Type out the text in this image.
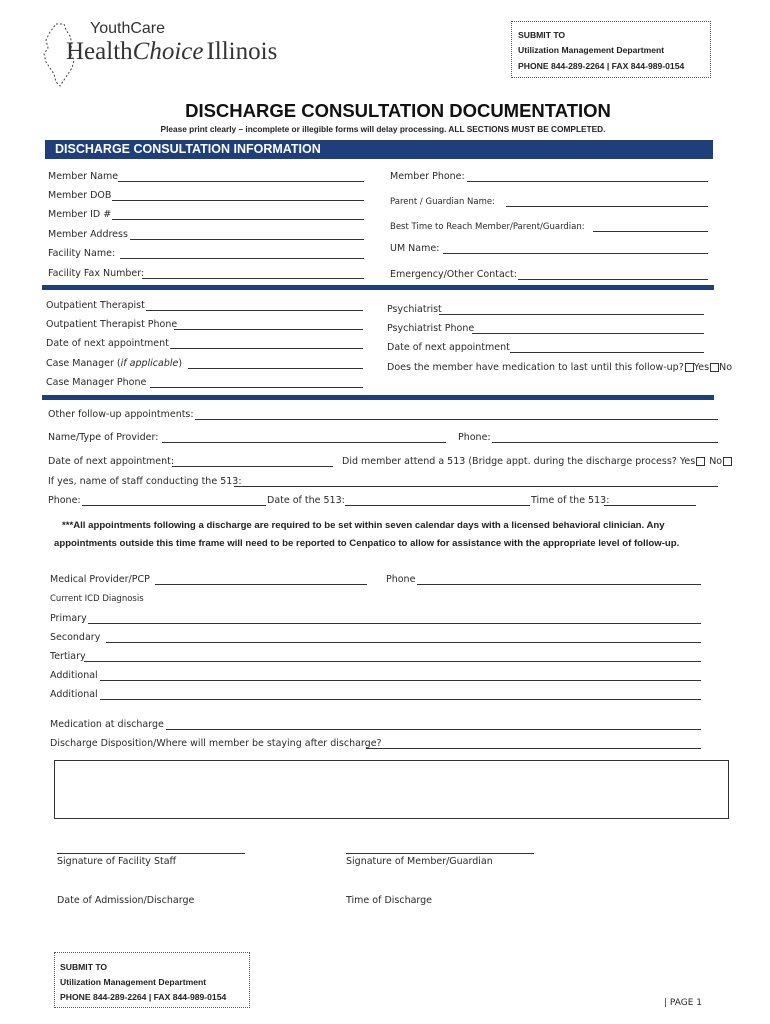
YouthCare
HealthChoice Illinois
SUBMIT TO
Utilization Management Department
PHONE 844-289-2264 | FAX 844-989-0154
DISCHARGE CONSULTATION DOCUMENTATION
Please print clearly – incomplete or illegible forms will delay processing. ALL SECTIONS MUST BE COMPLETED.
DISCHARGE CONSULTATION INFORMATION
Member Name
Member DOB
Member ID #
Member Address
Facility Name:
Facility Fax Number:
Member Phone:
Parent / Guardian Name:
Best Time to Reach Member/Parent/Guardian:
UM Name:
Emergency/Other Contact:
Outpatient Therapist
Outpatient Therapist Phone
Date of next appointment
Case Manager (if applicable)
Case Manager Phone
Psychiatrist
Psychiatrist Phone
Date of next appointment
Does the member have medication to last until this follow-up? Yes No
Other follow-up appointments:
Name/Type of Provider:	Phone:
Date of next appointment:	Did member attend a 513 (Bridge appt. during the discharge process? Yes No
If yes, name of staff conducting the 513:
Phone:	Date of the 513:	Time of the 513:
***All appointments following a discharge are required to be set within seven calendar days with a licensed behavioral clinician. Any
appointments outside this time frame will need to be reported to Cenpatico to allow for assistance with the appropriate level of follow-up.
Medical Provider/PCP	Phone
Current ICD Diagnosis
Primary
Secondary
Tertiary
Additional
Additional
Medication at discharge
Discharge Disposition/Where will member be staying after discharge?
Signature of Facility Staff	Signature of Member/Guardian
Date of Admission/Discharge	Time of Discharge
SUBMIT TO
Utilization Management Department
PHONE 844-289-2264 | FAX 844-989-0154
| PAGE 1
